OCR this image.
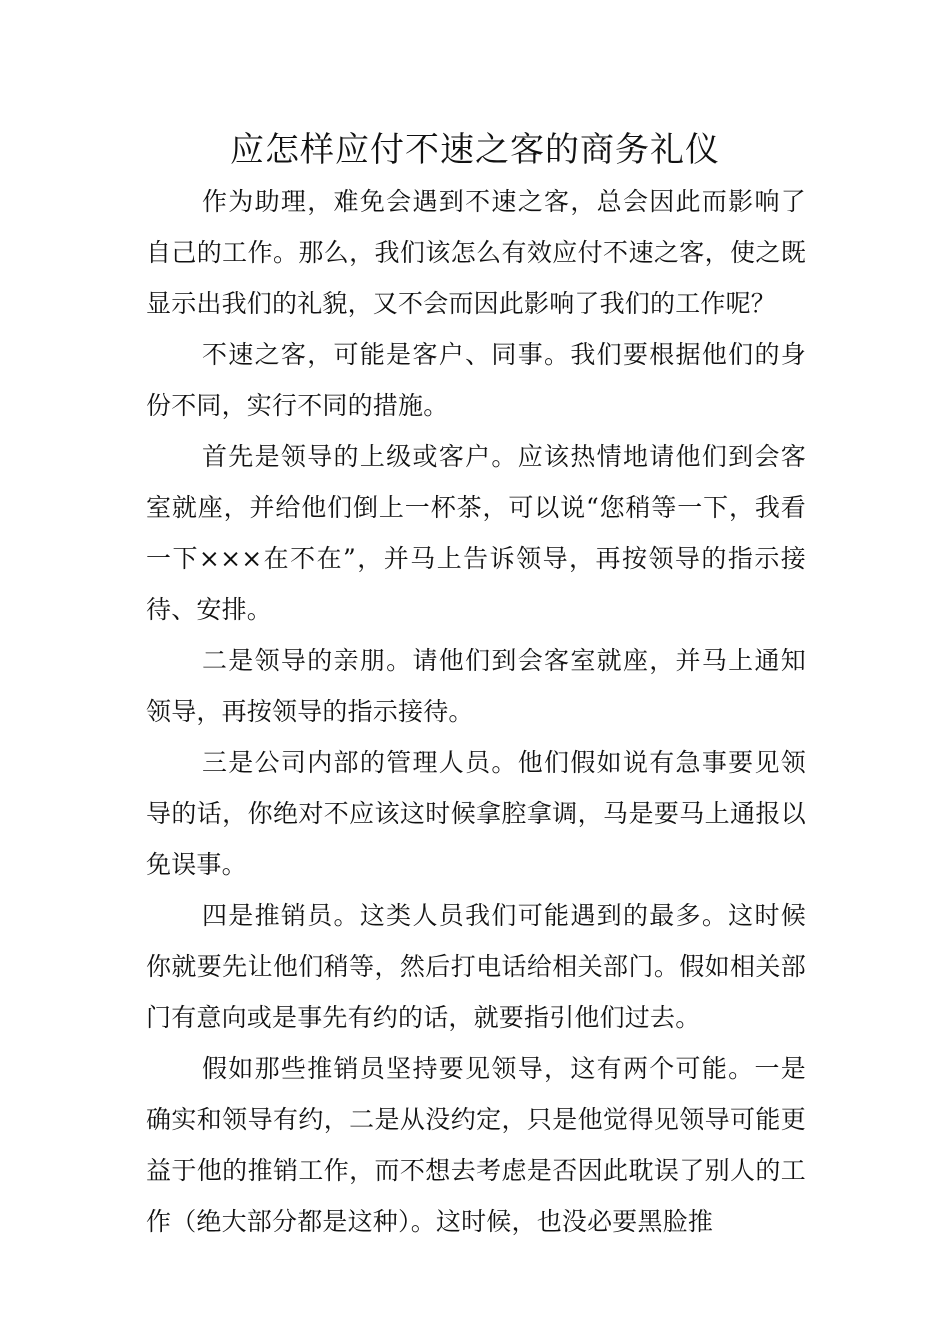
应怎样应付不速之客的商务礼仪

作为助理，难免会遇到不速之客，总会因此而影响了自己的工作。那么，我们该怎么有效应付不速之客，使之既显示出我们的礼貌，又不会而因此影响了我们的工作呢？

不速之客，可能是客户、同事。我们要根据他们的身份不同，实行不同的措施。

首先是领导的上级或客户。应该热情地请他们到会客室就座，并给他们倒上一杯茶，可以说“您稍等一下，我看一下×××在不在”，并马上告诉领导，再按领导的指示接待、安排。

二是领导的亲朋。请他们到会客室就座，并马上通知领导，再按领导的指示接待。

三是公司内部的管理人员。他们假如说有急事要见领导的话，你绝对不应该这时候拿腔拿调，马是要马上通报以免误事。

四是推销员。这类人员我们可能遇到的最多。这时候你就要先让他们稍等，然后打电话给相关部门。假如相关部门有意向或是事先有约的话，就要指引他们过去。

假如那些推销员坚持要见领导，这有两个可能。一是确实和领导有约，二是从没约定，只是他觉得见领导可能更益于他的推销工作，而不想去考虑是否因此耽误了别人的工作（绝大部分都是这种）。这时候，也没必要黑脸推
